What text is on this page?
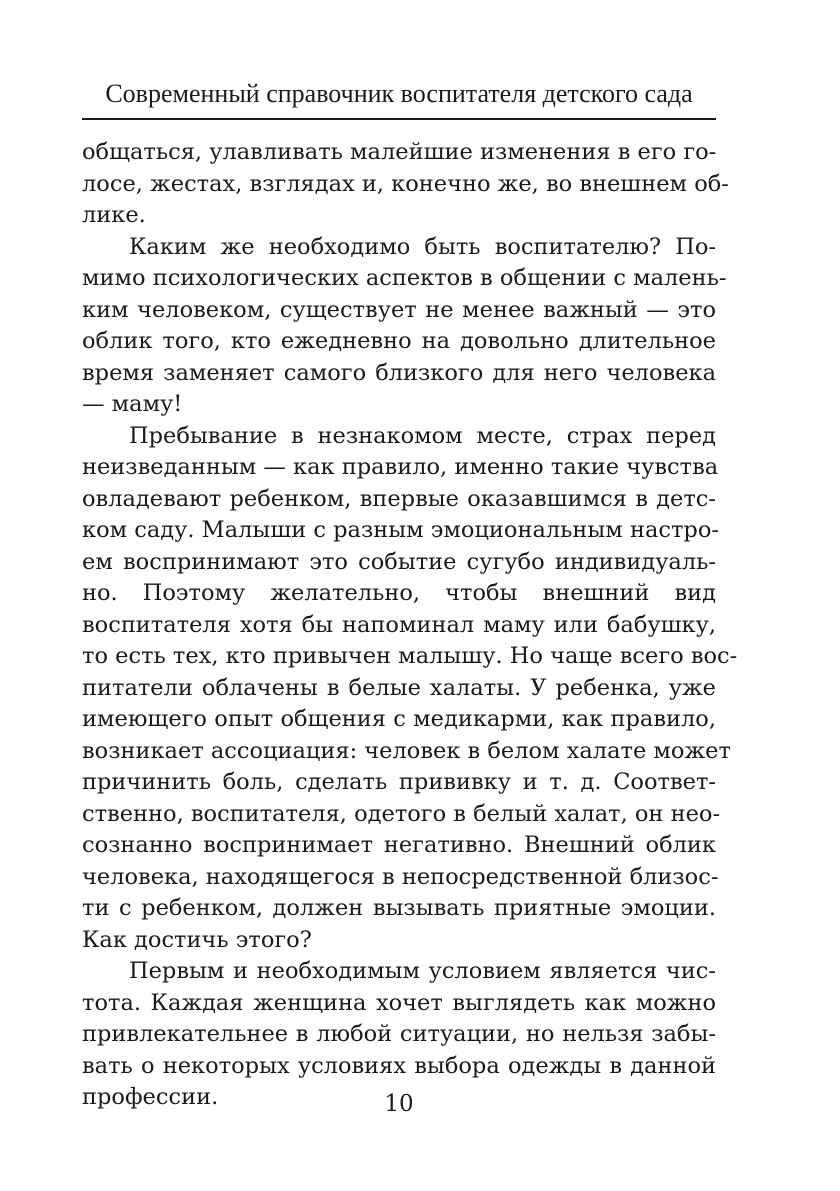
Современный справочник воспитателя детского сада
общаться, улавливать малейшие изменения в его го-
лосе, жестах, взглядах и, конечно же, во внешнем об-
лике.
Каким же необходимо быть воспитателю? По-
мимо психологических аспектов в общении с малень-
ким человеком, существует не менее важный — это
облик того, кто ежедневно на довольно длительное
время заменяет самого близкого для него человека
— маму!
Пребывание в незнакомом месте, страх перед
неизведанным — как правило, именно такие чувства
овладевают ребенком, впервые оказавшимся в детс-
ком саду. Малыши с разным эмоциональным настро-
ем воспринимают это событие сугубо индивидуаль-
но. Поэтому желательно, чтобы внешний вид
воспитателя хотя бы напоминал маму или бабушку,
то есть тех, кто привычен малышу. Но чаще всего вос-
питатели облачены в белые халаты. У ребенка, уже
имеющего опыт общения с медикарми, как правило,
возникает ассоциация: человек в белом халате может
причинить боль, сделать прививку и т. д. Соответ-
ственно, воспитателя, одетого в белый халат, он нео-
сознанно воспринимает негативно. Внешний облик
человека, находящегося в непосредственной близос-
ти с ребенком, должен вызывать приятные эмоции.
Как достичь этого?
Первым и необходимым условием является чис-
тота. Каждая женщина хочет выглядеть как можно
привлекательнее в любой ситуации, но нельзя забы-
вать о некоторых условиях выбора одежды в данной
профессии.	10
